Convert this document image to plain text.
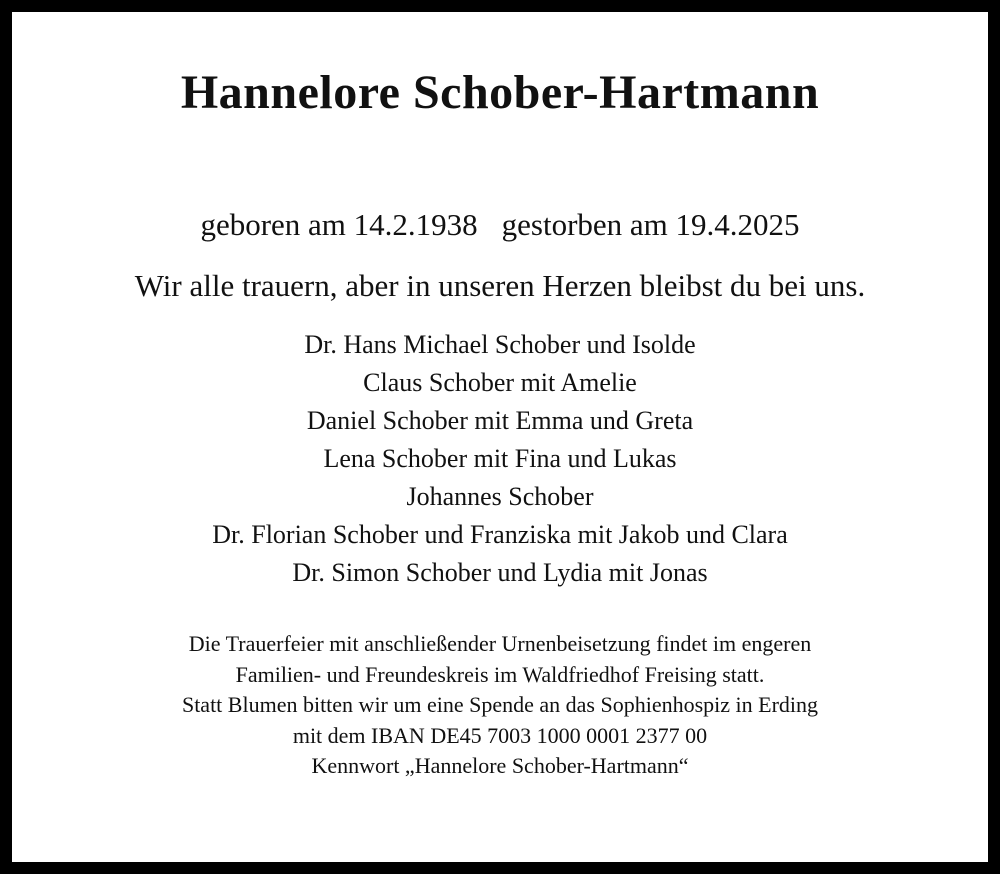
Hannelore Schober-Hartmann
geboren am 14.2.1938 gestorben am 19.4.2025
Wir alle trauern, aber in unseren Herzen bleibst du bei uns.
Dr. Hans Michael Schober und Isolde
Claus Schober mit Amelie
Daniel Schober mit Emma und Greta
Lena Schober mit Fina und Lukas
Johannes Schober
Dr. Florian Schober und Franziska mit Jakob und Clara
Dr. Simon Schober und Lydia mit Jonas
Die Trauerfeier mit anschließender Urnenbeisetzung findet im engeren
Familien- und Freundeskreis im Waldfriedhof Freising statt.
Statt Blumen bitten wir um eine Spende an das Sophienhospiz in Erding
mit dem IBAN DE45 7003 1000 0001 2377 00
Kennwort „Hannelore Schober-Hartmann“
